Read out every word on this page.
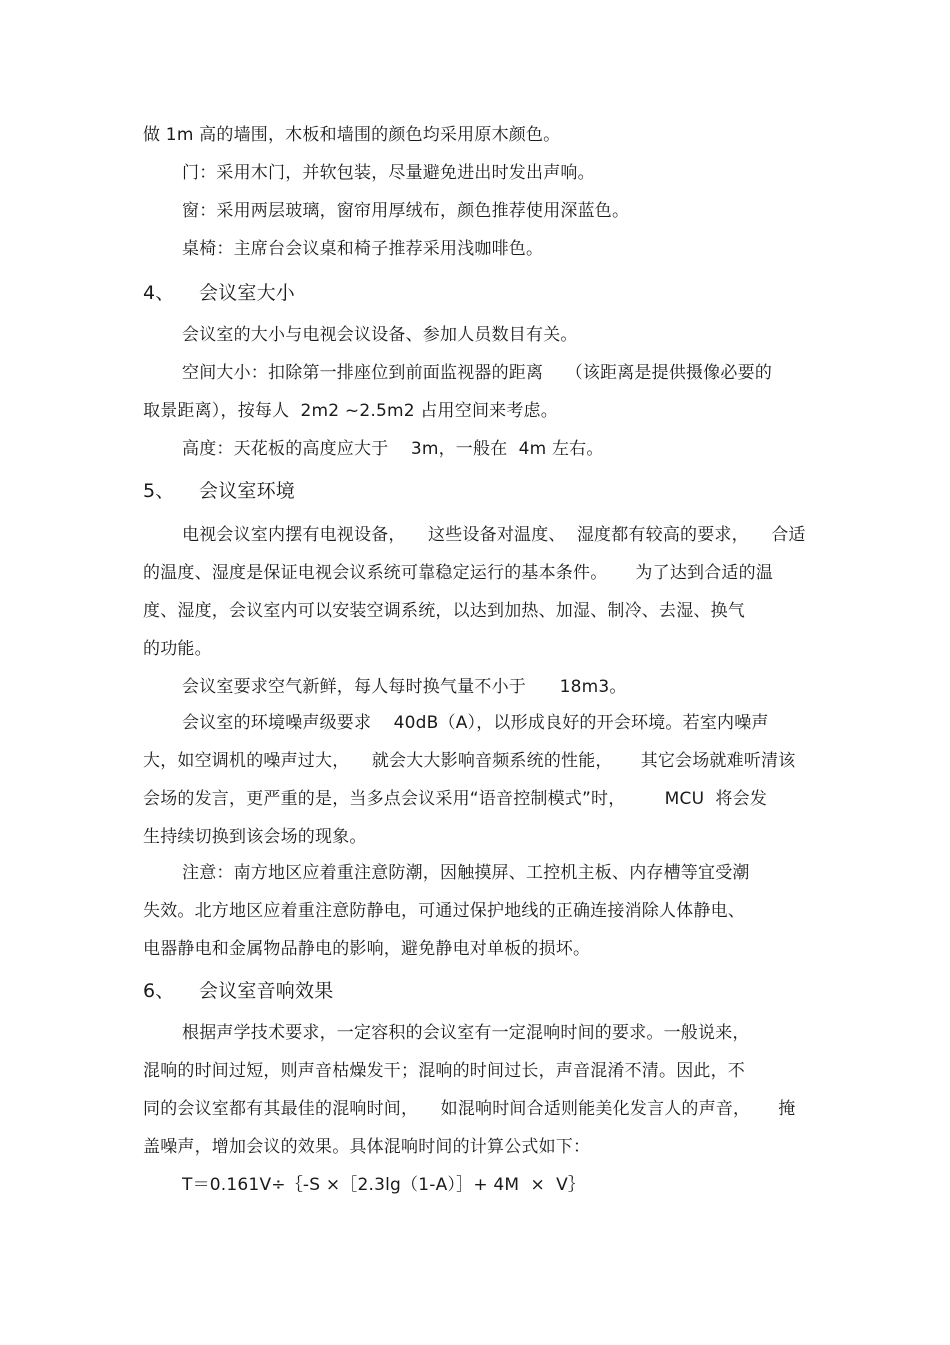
做 1m 高的墙围，木板和墙围的颜色均采用原木颜色。
门：采用木门，并软包装，尽量避免进出时发出声响。
窗：采用两层玻璃，窗帘用厚绒布，颜色推荐使用深蓝色。
桌椅：主席台会议桌和椅子推荐采用浅咖啡色。
4、 会议室大小
会议室的大小与电视会议设备、参加人员数目有关。
空间大小：扣除第一排座位到前面监视器的距离    （该距离是提供摄像必要的
取景距离），按每人  2m2 ~2.5m2 占用空间来考虑。
高度：天花板的高度应大于    3m，一般在  4m 左右。
5、 会议室环境
电视会议室内摆有电视设备，    这些设备对温度、  湿度都有较高的要求，    合适
的温度、湿度是保证电视会议系统可靠稳定运行的基本条件。     为了达到合适的温
度、湿度，会议室内可以安装空调系统，以达到加热、加湿、制冷、去湿、换气
的功能。
会议室要求空气新鲜，每人每时换气量不小于      18m3。
会议室的环境噪声级要求    40dB（A），以形成良好的开会环境。若室内噪声
大，如空调机的噪声过大，    就会大大影响音频系统的性能，     其它会场就难听清该
会场的发言，更严重的是，当多点会议采用“语音控制模式”时，       MCU  将会发
生持续切换到该会场的现象。
注意：南方地区应着重注意防潮，因触摸屏、工控机主板、内存槽等宜受潮
失效。北方地区应着重注意防静电，可通过保护地线的正确连接消除人体静电、
电器静电和金属物品静电的影响，避免静电对单板的损坏。
6、 会议室音响效果
根据声学技术要求，一定容积的会议室有一定混响时间的要求。一般说来，
混响的时间过短，则声音枯燥发干；混响的时间过长，声音混淆不清。因此，不
同的会议室都有其最佳的混响时间，    如混响时间合适则能美化发言人的声音，     掩
盖噪声，增加会议的效果。具体混响时间的计算公式如下：
T＝0.161V÷｛-S ×［2.3lg（1-A）］+ 4M  ×  V｝
